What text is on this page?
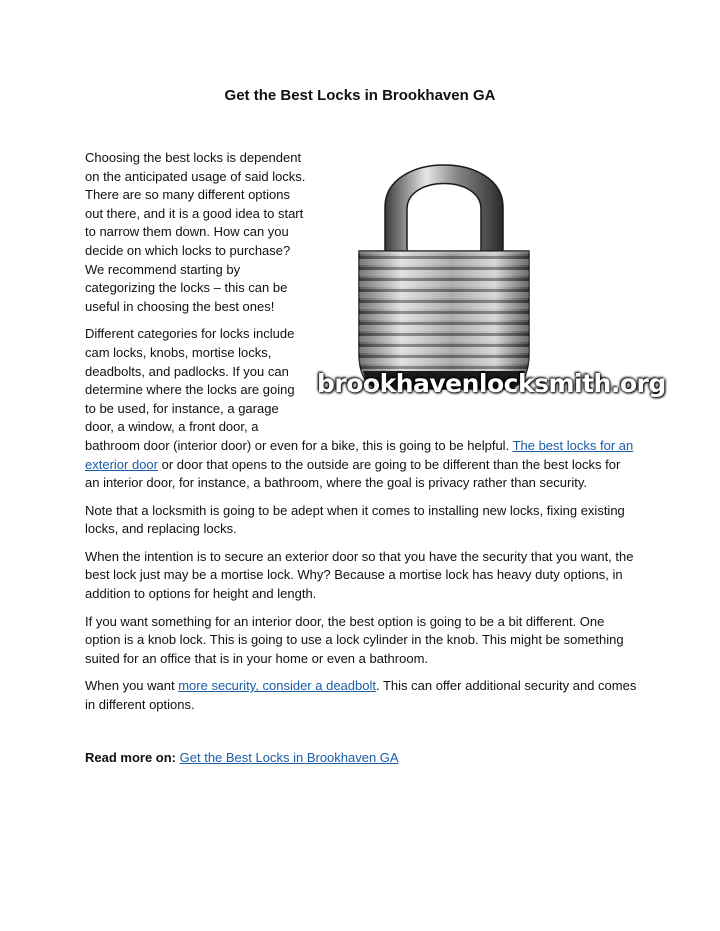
Get the Best Locks in Brookhaven GA
brookhavenlocksmith.org

Choosing the best locks is dependent on the anticipated usage of said locks. There are so many different options out there, and it is a good idea to start to narrow them down. How can you decide on which locks to purchase? We recommend starting by categorizing the locks – this can be useful in choosing the best ones!

Different categories for locks include cam locks, knobs, mortise locks, deadbolts, and padlocks. If you can determine where the locks are going to be used, for instance, a garage door, a window, a front door, a bathroom door (interior door) or even for a bike, this is going to be helpful. The best locks for an exterior door or door that opens to the outside are going to be different than the best locks for an interior door, for instance, a bathroom, where the goal is privacy rather than security.

Note that a locksmith is going to be adept when it comes to installing new locks, fixing existing locks, and replacing locks.

When the intention is to secure an exterior door so that you have the security that you want, the best lock just may be a mortise lock. Why? Because a mortise lock has heavy duty options, in addition to options for height and length.

If you want something for an interior door, the best option is going to be a bit different. One option is a knob lock. This is going to use a lock cylinder in the knob. This might be something suited for an office that is in your home or even a bathroom.

When you want more security, consider a deadbolt. This can offer additional security and comes in different options.

Read more on: Get the Best Locks in Brookhaven GA
